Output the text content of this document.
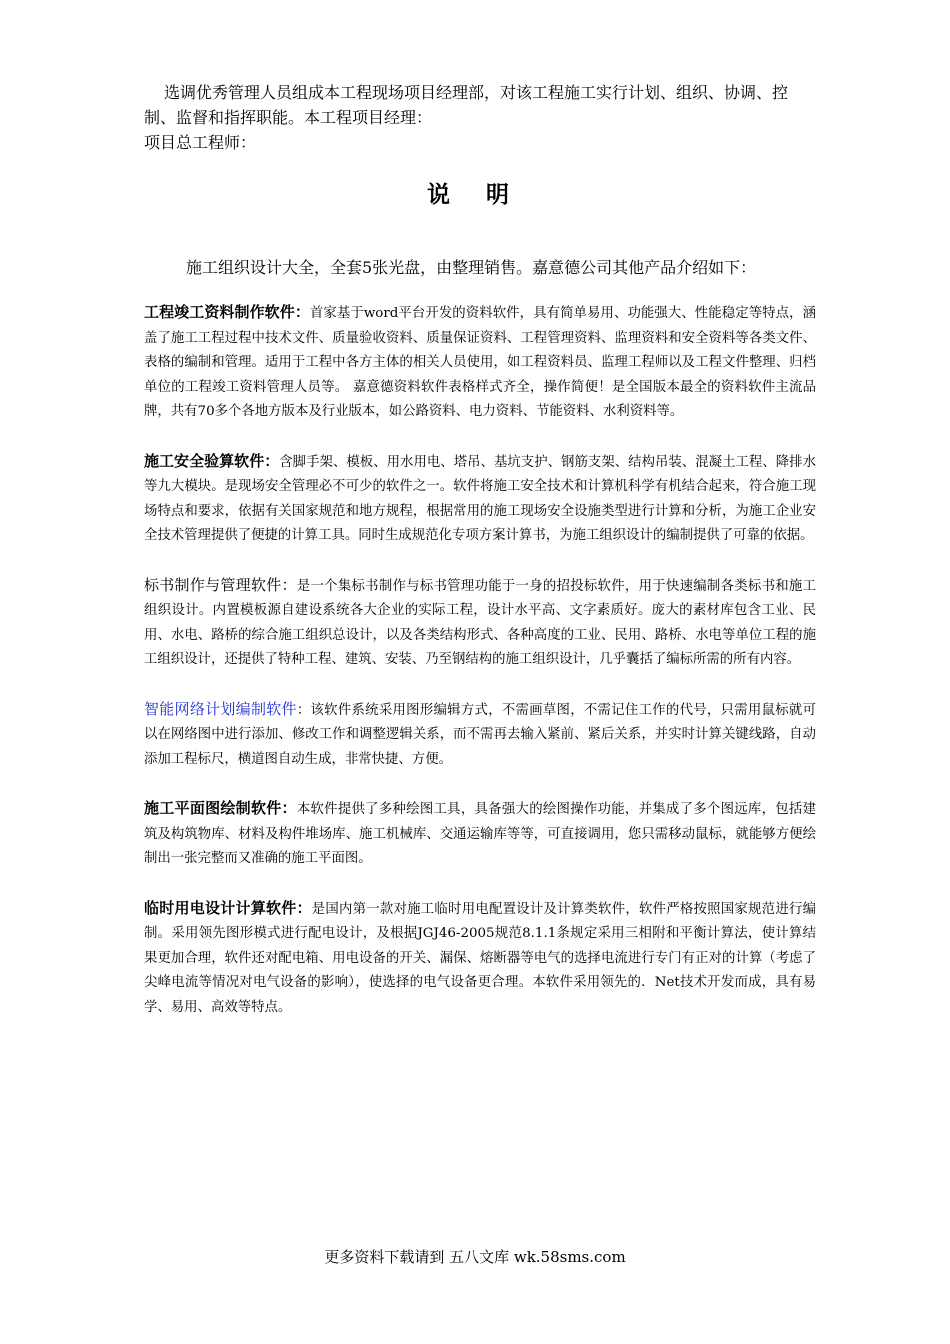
选调优秀管理人员组成本工程现场项目经理部，对该工程施工实行计划、组织、协调、控制、监督和指挥职能。本工程项目经理：

项目总工程师：

说 明

施工组织设计大全，全套5张光盘，由整理销售。嘉意德公司其他产品介绍如下：

工程竣工资料制作软件：首家基于word平台开发的资料软件，具有简单易用、功能强大、性能稳定等特点，涵盖了施工工程过程中技术文件、质量验收资料、质量保证资料、工程管理资料、监理资料和安全资料等各类文件、表格的编制和管理。适用于工程中各方主体的相关人员使用，如工程资料员、监理工程师以及工程文件整理、归档单位的工程竣工资料管理人员等。 嘉意德资料软件表格样式齐全，操作简便！是全国版本最全的资料软件主流品牌，共有70多个各地方版本及行业版本，如公路资料、电力资料、节能资料、水利资料等。

施工安全验算软件：含脚手架、模板、用水用电、塔吊、基坑支护、钢筋支架、结构吊装、混凝土工程、降排水等九大模块。是现场安全管理必不可少的软件之一。软件将施工安全技术和计算机科学有机结合起来，符合施工现场特点和要求，依据有关国家规范和地方规程，根据常用的施工现场安全设施类型进行计算和分析，为施工企业安全技术管理提供了便捷的计算工具。同时生成规范化专项方案计算书，为施工组织设计的编制提供了可靠的依据。

标书制作与管理软件：是一个集标书制作与标书管理功能于一身的招投标软件，用于快速编制各类标书和施工组织设计。内置模板源自建设系统各大企业的实际工程，设计水平高、文字素质好。庞大的素材库包含工业、民用、水电、路桥的综合施工组织总设计，以及各类结构形式、各种高度的工业、民用、路桥、水电等单位工程的施工组织设计，还提供了特种工程、建筑、安装、乃至钢结构的施工组织设计，几乎囊括了编标所需的所有内容。

智能网络计划编制软件：该软件系统采用图形编辑方式，不需画草图，不需记住工作的代号，只需用鼠标就可以在网络图中进行添加、修改工作和调整逻辑关系，而不需再去输入紧前、紧后关系，并实时计算关键线路，自动添加工程标尺，横道图自动生成，非常快捷、方便。

施工平面图绘制软件：本软件提供了多种绘图工具，具备强大的绘图操作功能，并集成了多个图远库，包括建筑及构筑物库、材料及构件堆场库、施工机械库、交通运输库等等，可直接调用，您只需移动鼠标，就能够方便绘制出一张完整而又准确的施工平面图。

临时用电设计计算软件：是国内第一款对施工临时用电配置设计及计算类软件，软件严格按照国家规范进行编制。采用领先图形模式进行配电设计，及根据JGJ46-2005规范8.1.1条规定采用三相附和平衡计算法，使计算结果更加合理，软件还对配电箱、用电设备的开关、漏保、熔断器等电气的选择电流进行专门有正对的计算（考虑了尖峰电流等情况对电气设备的影响），使选择的电气设备更合理。本软件采用领先的．Net技术开发而成，具有易学、易用、高效等特点。

更多资料下载请到 五八文库 wk.58sms.com
